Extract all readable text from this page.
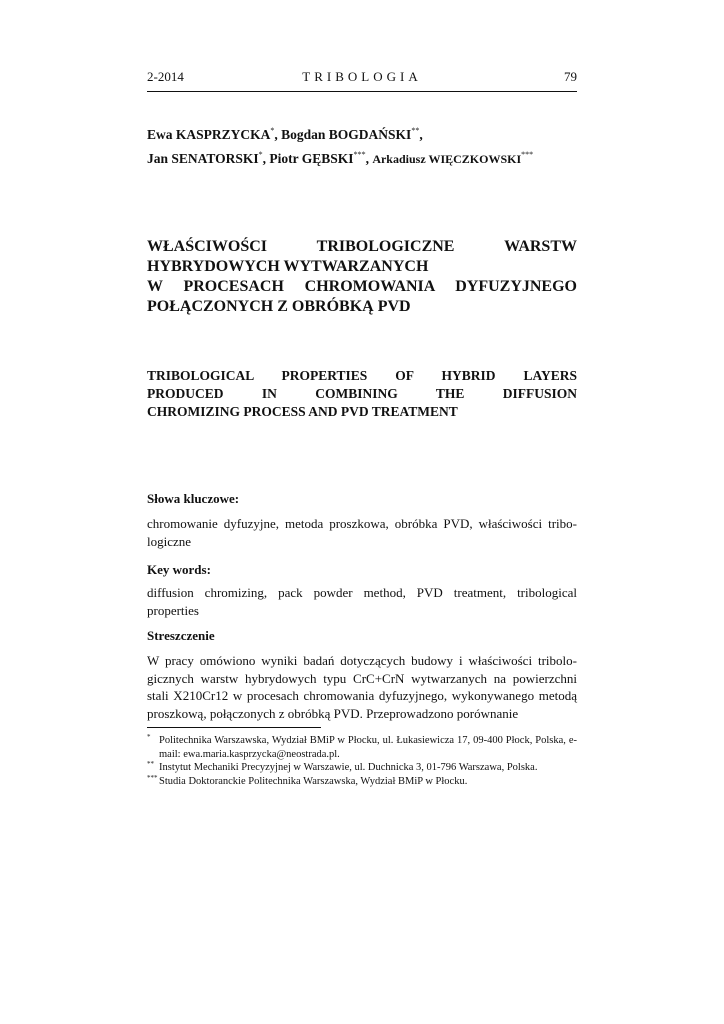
2-2014	TRIBOLOGIA	79
Ewa KASPRZYCKA*, Bogdan BOGDAŃSKI**,
Jan SENATORSKI*, Piotr GĘBSKI***, Arkadiusz WIĘCZKOWSKI***
WŁAŚCIWOŚCI TRIBOLOGICZNE WARSTW
HYBRYDOWYCH WYTWARZANYCH
W PROCESACH CHROMOWANIA DYFUZYJNEGO
POŁĄCZONYCH Z OBRÓBKĄ PVD
TRIBOLOGICAL PROPERTIES OF HYBRID LAYERS
PRODUCED IN COMBINING THE DIFFUSION
CHROMIZING PROCESS AND PVD TREATMENT
Słowa kluczowe:

chromowanie dyfuzyjne, metoda proszkowa, obróbka PVD, właściwości tribologiczne

Key words:

diffusion chromizing, pack powder method, PVD treatment, tribological properties

Streszczenie

W pracy omówiono wyniki badań dotyczących budowy i właściwości tribologicznych warstw hybrydowych typu CrC+CrN wytwarzanych na powierzchni stali X210Cr12 w procesach chromowania dyfuzyjnego, wykonywanego metodą proszkową, połączonych z obróbką PVD. Przeprowadzono porównanie

* Politechnika Warszawska, Wydział BMiP w Płocku, ul. Łukasiewicza 17, 09-400 Płock, Polska, e-mail: ewa.maria.kasprzycka@neostrada.pl.
** Instytut Mechaniki Precyzyjnej w Warszawie, ul. Duchnicka 3, 01-796 Warszawa, Polska.
*** Studia Doktoranckie Politechnika Warszawska, Wydział BMiP w Płocku.
